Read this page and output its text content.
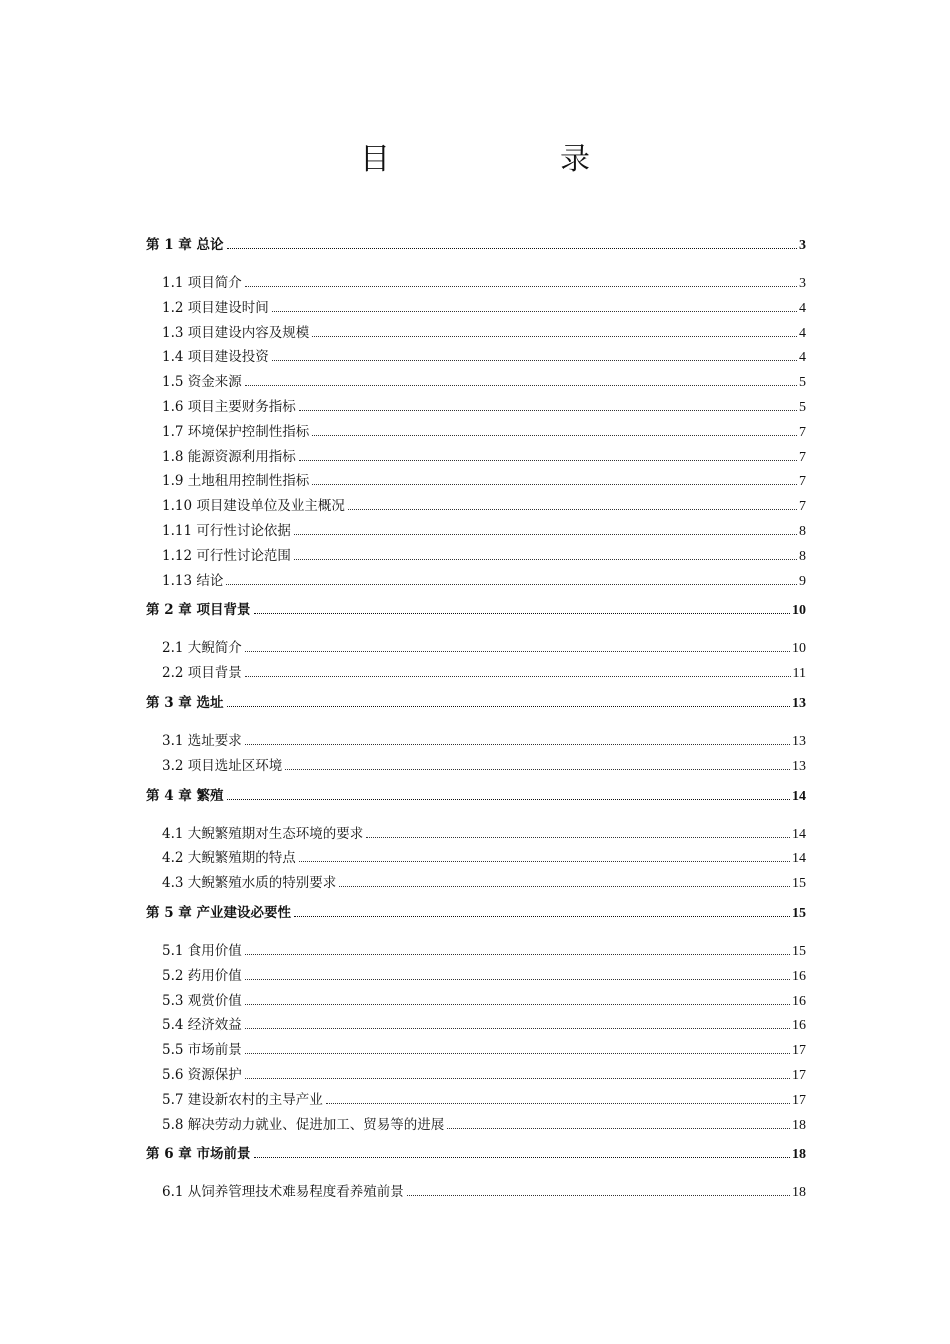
目	录
第 1 章 总论	3
1.1 项目简介	3
1.2 项目建设时间	4
1.3 项目建设内容及规模	4
1.4 项目建设投资	4
1.5 资金来源	5
1.6 项目主要财务指标	5
1.7 环境保护控制性指标	7
1.8 能源资源利用指标	7
1.9 土地租用控制性指标	7
1.10 项目建设单位及业主概况	7
1.11 可行性讨论依据	8
1.12 可行性讨论范围	8
1.13 结论	9
第 2 章 项目背景	10
2.1 大鲵简介	10
2.2 项目背景	11
第 3 章 选址	13
3.1 选址要求	13
3.2 项目选址区环境	13
第 4 章 繁殖	14
4.1 大鲵繁殖期对生态环境的要求	14
4.2 大鲵繁殖期的特点	14
4.3 大鲵繁殖水质的特别要求	15
第 5 章 产业建设必要性	15
5.1 食用价值	15
5.2 药用价值	16
5.3 观赏价值	16
5.4 经济效益	16
5.5 市场前景	17
5.6 资源保护	17
5.7 建设新农村的主导产业	17
5.8 解决劳动力就业、促进加工、贸易等的进展	18
第 6 章 市场前景	18
6.1 从饲养管理技术难易程度看养殖前景	18
